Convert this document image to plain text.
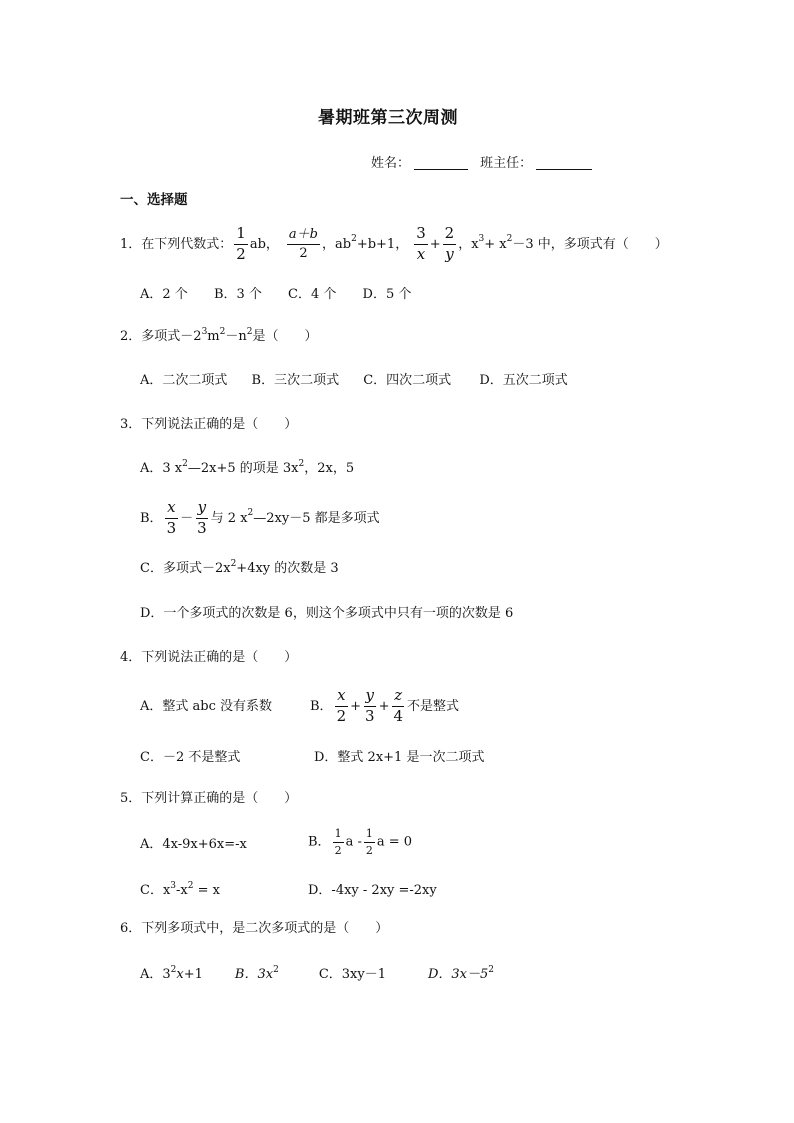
暑期班第三次周测
姓名：	班主任：
一、选择题
1．在下列代数式： $\frac{1}{2}$ ab， $\frac{a+b}{2}$ ，$ab^2+b+1$， $\frac{3}{x} + \frac{2}{y}$ ，$x^3+ x^2-3$ 中，多项式有（　　）
A．2 个 B．3 个 C．4 个 D．5 个
2．多项式$-2^3m^2-n^2$是（　　）
A．二次二项式 B．三次二项式 C．四次二项式 D．五次二项式
3．下列说法正确的是（　　）
A．3 $x^2—2x+5$ 的项是 $3x^2$，2x，5
B． $\frac{x}{3} - \frac{y}{3}$ 与 2 $x^2—2xy-5$ 都是多项式
C．多项式$-2x^2+4xy$ 的次数是 3
D．一个多项式的次数是 6，则这个多项式中只有一项的次数是 6
4．下列说法正确的是（　　）
A．整式 abc 没有系数	B． $\frac{x}{2} + \frac{y}{3} + \frac{z}{4}$ 不是整式
C．－2 不是整式	D．整式 2x+1 是一次二项式
5．下列计算正确的是（　　）
A．4x-9x+6x=-x	B． $\frac{1}{2}$ a - $\frac{1}{2}$ a = 0
C．$x^3-x^2 = x$	D．-4xy - 2xy =-2xy
6．下列多项式中，是二次多项式的是（　　）
A．$3^2x+1$ B．$3x^2$	C．3xy－1	D．$3x-5^2$
